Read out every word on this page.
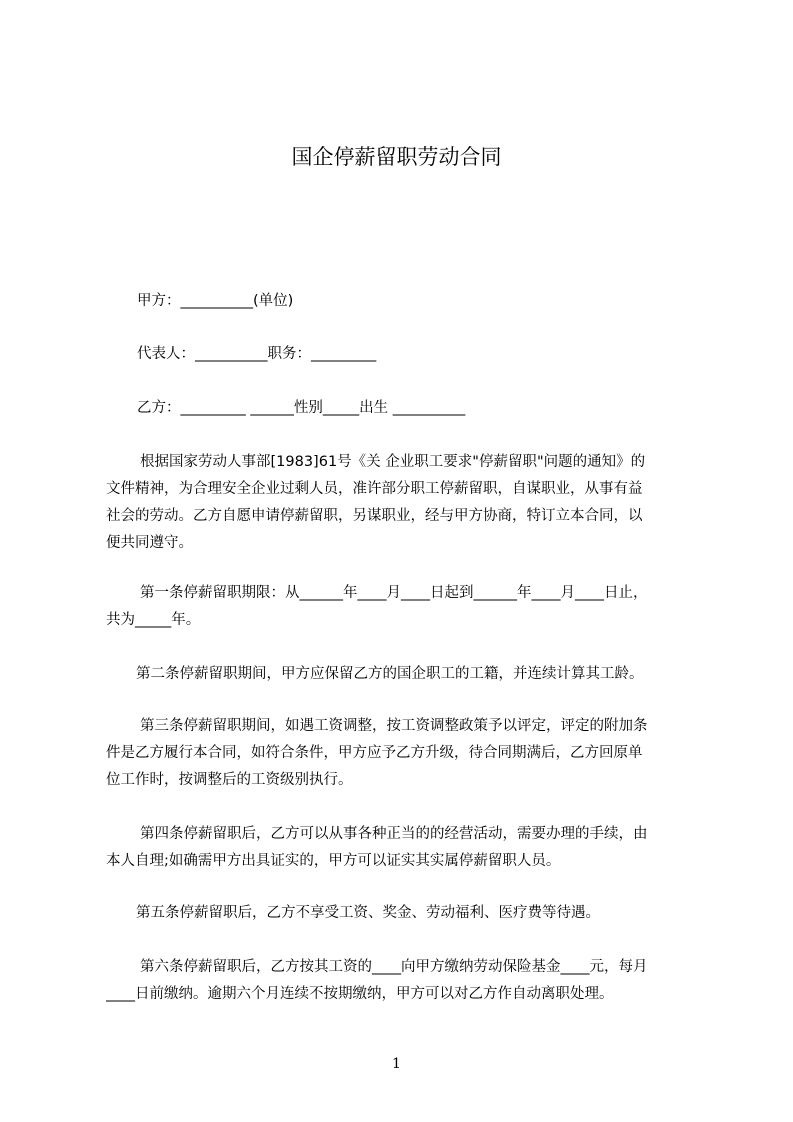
国企停薪留职劳动合同
甲方：__________(单位)
代表人：__________职务：_________
乙方：_________ ______性别_____出生 __________
根据国家劳动人事部[1983]61号《关 企业职工要求"停薪留职"问题的通知》的
文件精神，为合理安全企业过剩人员，准许部分职工停薪留职，自谋职业，从事有益
社会的劳动。乙方自愿申请停薪留职，另谋职业，经与甲方协商，特订立本合同，以
便共同遵守。
第一条停薪留职期限：从______年____月____日起到______年____月____日止，
共为_____年。
第二条停薪留职期间，甲方应保留乙方的国企职工的工籍，并连续计算其工龄。
第三条停薪留职期间，如遇工资调整，按工资调整政策予以评定，评定的附加条
件是乙方履行本合同，如符合条件，甲方应予乙方升级，待合同期满后，乙方回原单
位工作时，按调整后的工资级别执行。
第四条停薪留职后，乙方可以从事各种正当的的经营活动，需要办理的手续，由
本人自理;如确需甲方出具证实的，甲方可以证实其实属停薪留职人员。
第五条停薪留职后，乙方不享受工资、奖金、劳动福利、医疗费等待遇。
第六条停薪留职后，乙方按其工资的____向甲方缴纳劳动保险基金____元，每月
____日前缴纳。逾期六个月连续不按期缴纳，甲方可以对乙方作自动离职处理。
1
